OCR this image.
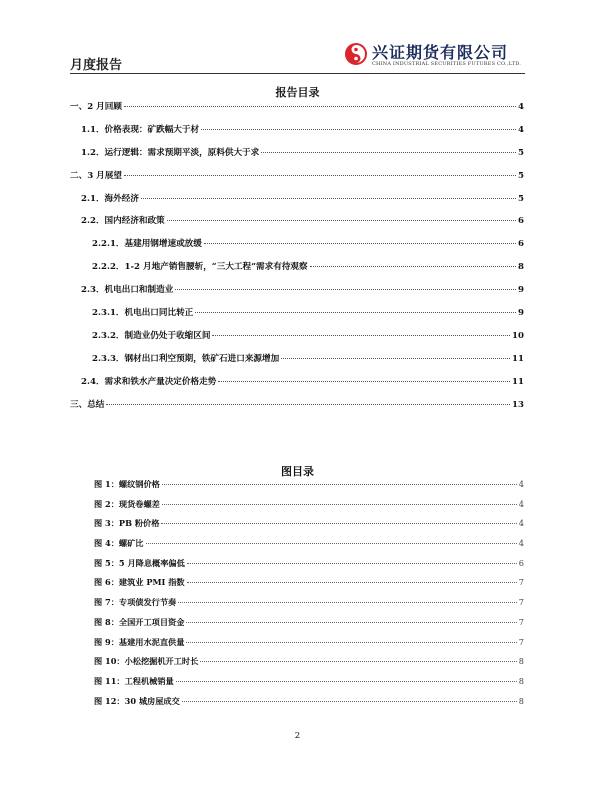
月度报告
兴证期货有限公司
CHINA INDUSTRIAL SECURITIES FUTURES CO.,LTD.
报告目录
一、2 月回顾	4
1.1．价格表现：矿跌幅大于材	4
1.2．运行逻辑：需求预期平淡，原料供大于求	5
二、3 月展望	5
2.1．海外经济	5
2.2．国内经济和政策	6
2.2.1．基建用钢增速或放缓	6
2.2.2．1-2 月地产销售腰斩，“三大工程”需求有待观察	8
2.3．机电出口和制造业	9
2.3.1．机电出口同比转正	9
2.3.2．制造业仍处于收缩区间	10
2.3.3．钢材出口利空预期，铁矿石进口来源增加	11
2.4．需求和铁水产量决定价格走势	11
三、总结	13
图目录
图 1：螺纹钢价格	4
图 2：现货卷螺差	4
图 3：PB 粉价格	4
图 4：螺矿比	4
图 5：5 月降息概率偏低	6
图 6：建筑业 PMI 指数	7
图 7：专项债发行节奏	7
图 8：全国开工项目资金	7
图 9：基建用水泥直供量	7
图 10：小松挖掘机开工时长	8
图 11：工程机械销量	8
图 12：30 城房屋成交	8
2
